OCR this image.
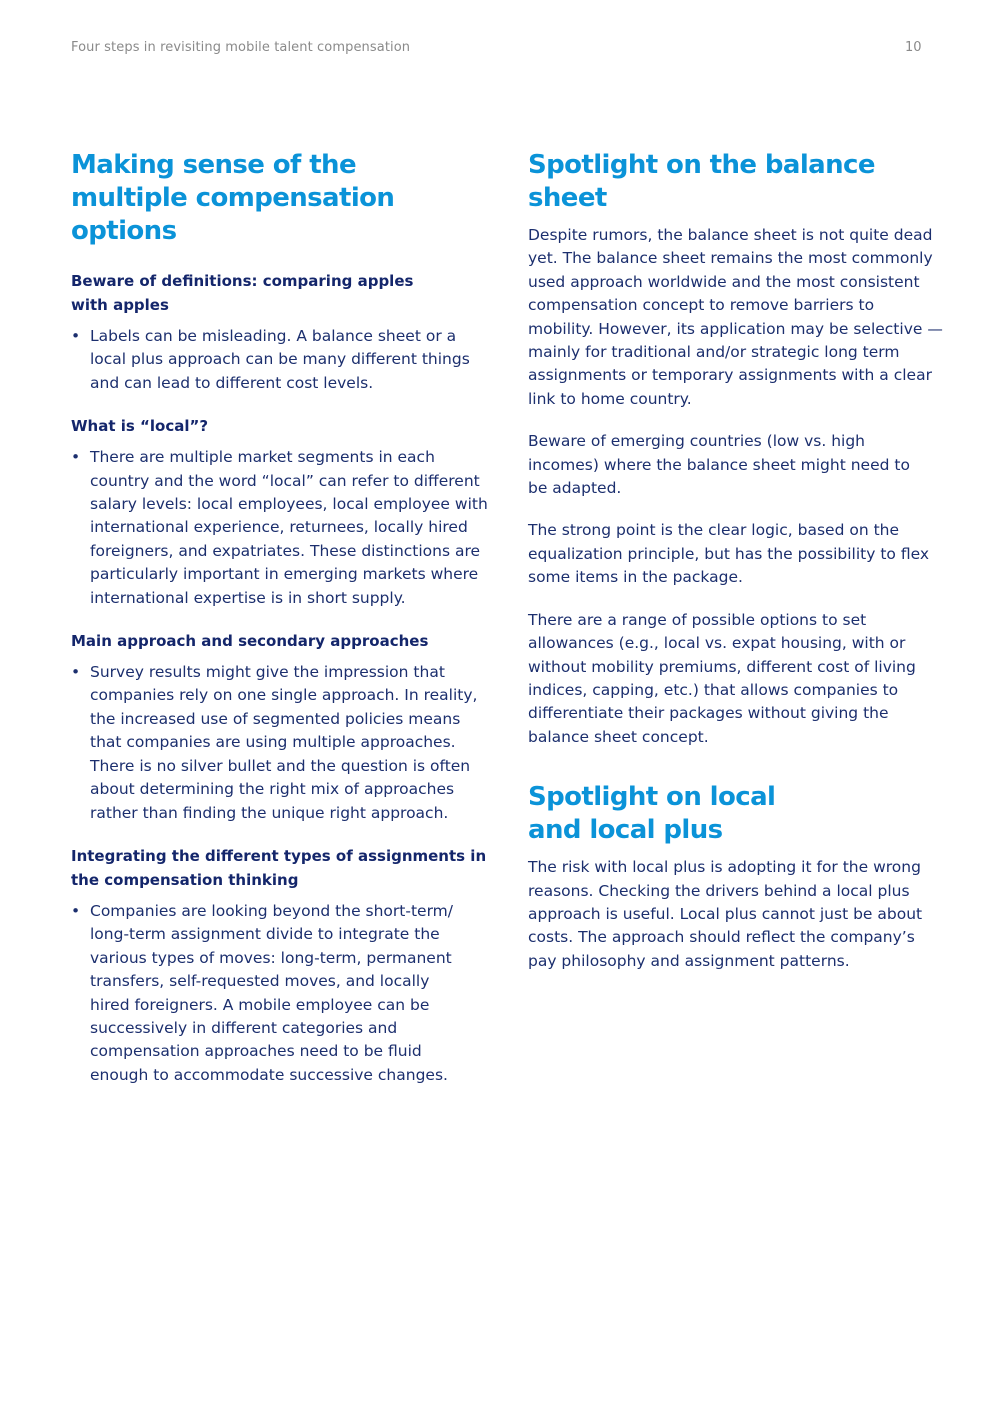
Four steps in revisiting mobile talent compensation	10
Making sense of the multiple compensation options
Beware of definitions: comparing apples with apples
• Labels can be misleading. A balance sheet or a local plus approach can be many different things and can lead to different cost levels.
What is “local”?
• There are multiple market segments in each country and the word “local” can refer to different salary levels: local employees, local employee with international experience, returnees, locally hired foreigners, and expatriates. These distinctions are particularly important in emerging markets where international expertise is in short supply.
Main approach and secondary approaches
• Survey results might give the impression that companies rely on one single approach. In reality, the increased use of segmented policies means that companies are using multiple approaches. There is no silver bullet and the question is often about determining the right mix of approaches rather than finding the unique right approach.
Integrating the different types of assignments in the compensation thinking
• Companies are looking beyond the short-term/ long-term assignment divide to integrate the various types of moves: long-term, permanent transfers, self-requested moves, and locally hired foreigners. A mobile employee can be successively in different categories and compensation approaches need to be fluid enough to accommodate successive changes.
Spotlight on the balance sheet

Despite rumors, the balance sheet is not quite dead yet. The balance sheet remains the most commonly used approach worldwide and the most consistent compensation concept to remove barriers to mobility. However, its application may be selective — mainly for traditional and/or strategic long term assignments or temporary assignments with a clear link to home country.

Beware of emerging countries (low vs. high incomes) where the balance sheet might need to be adapted.

The strong point is the clear logic, based on the equalization principle, but has the possibility to flex some items in the package.

There are a range of possible options to set allowances (e.g., local vs. expat housing, with or without mobility premiums, different cost of living indices, capping, etc.) that allows companies to differentiate their packages without giving the balance sheet concept.

Spotlight on local and local plus

The risk with local plus is adopting it for the wrong reasons. Checking the drivers behind a local plus approach is useful. Local plus cannot just be about costs. The approach should reflect the company’s pay philosophy and assignment patterns.
